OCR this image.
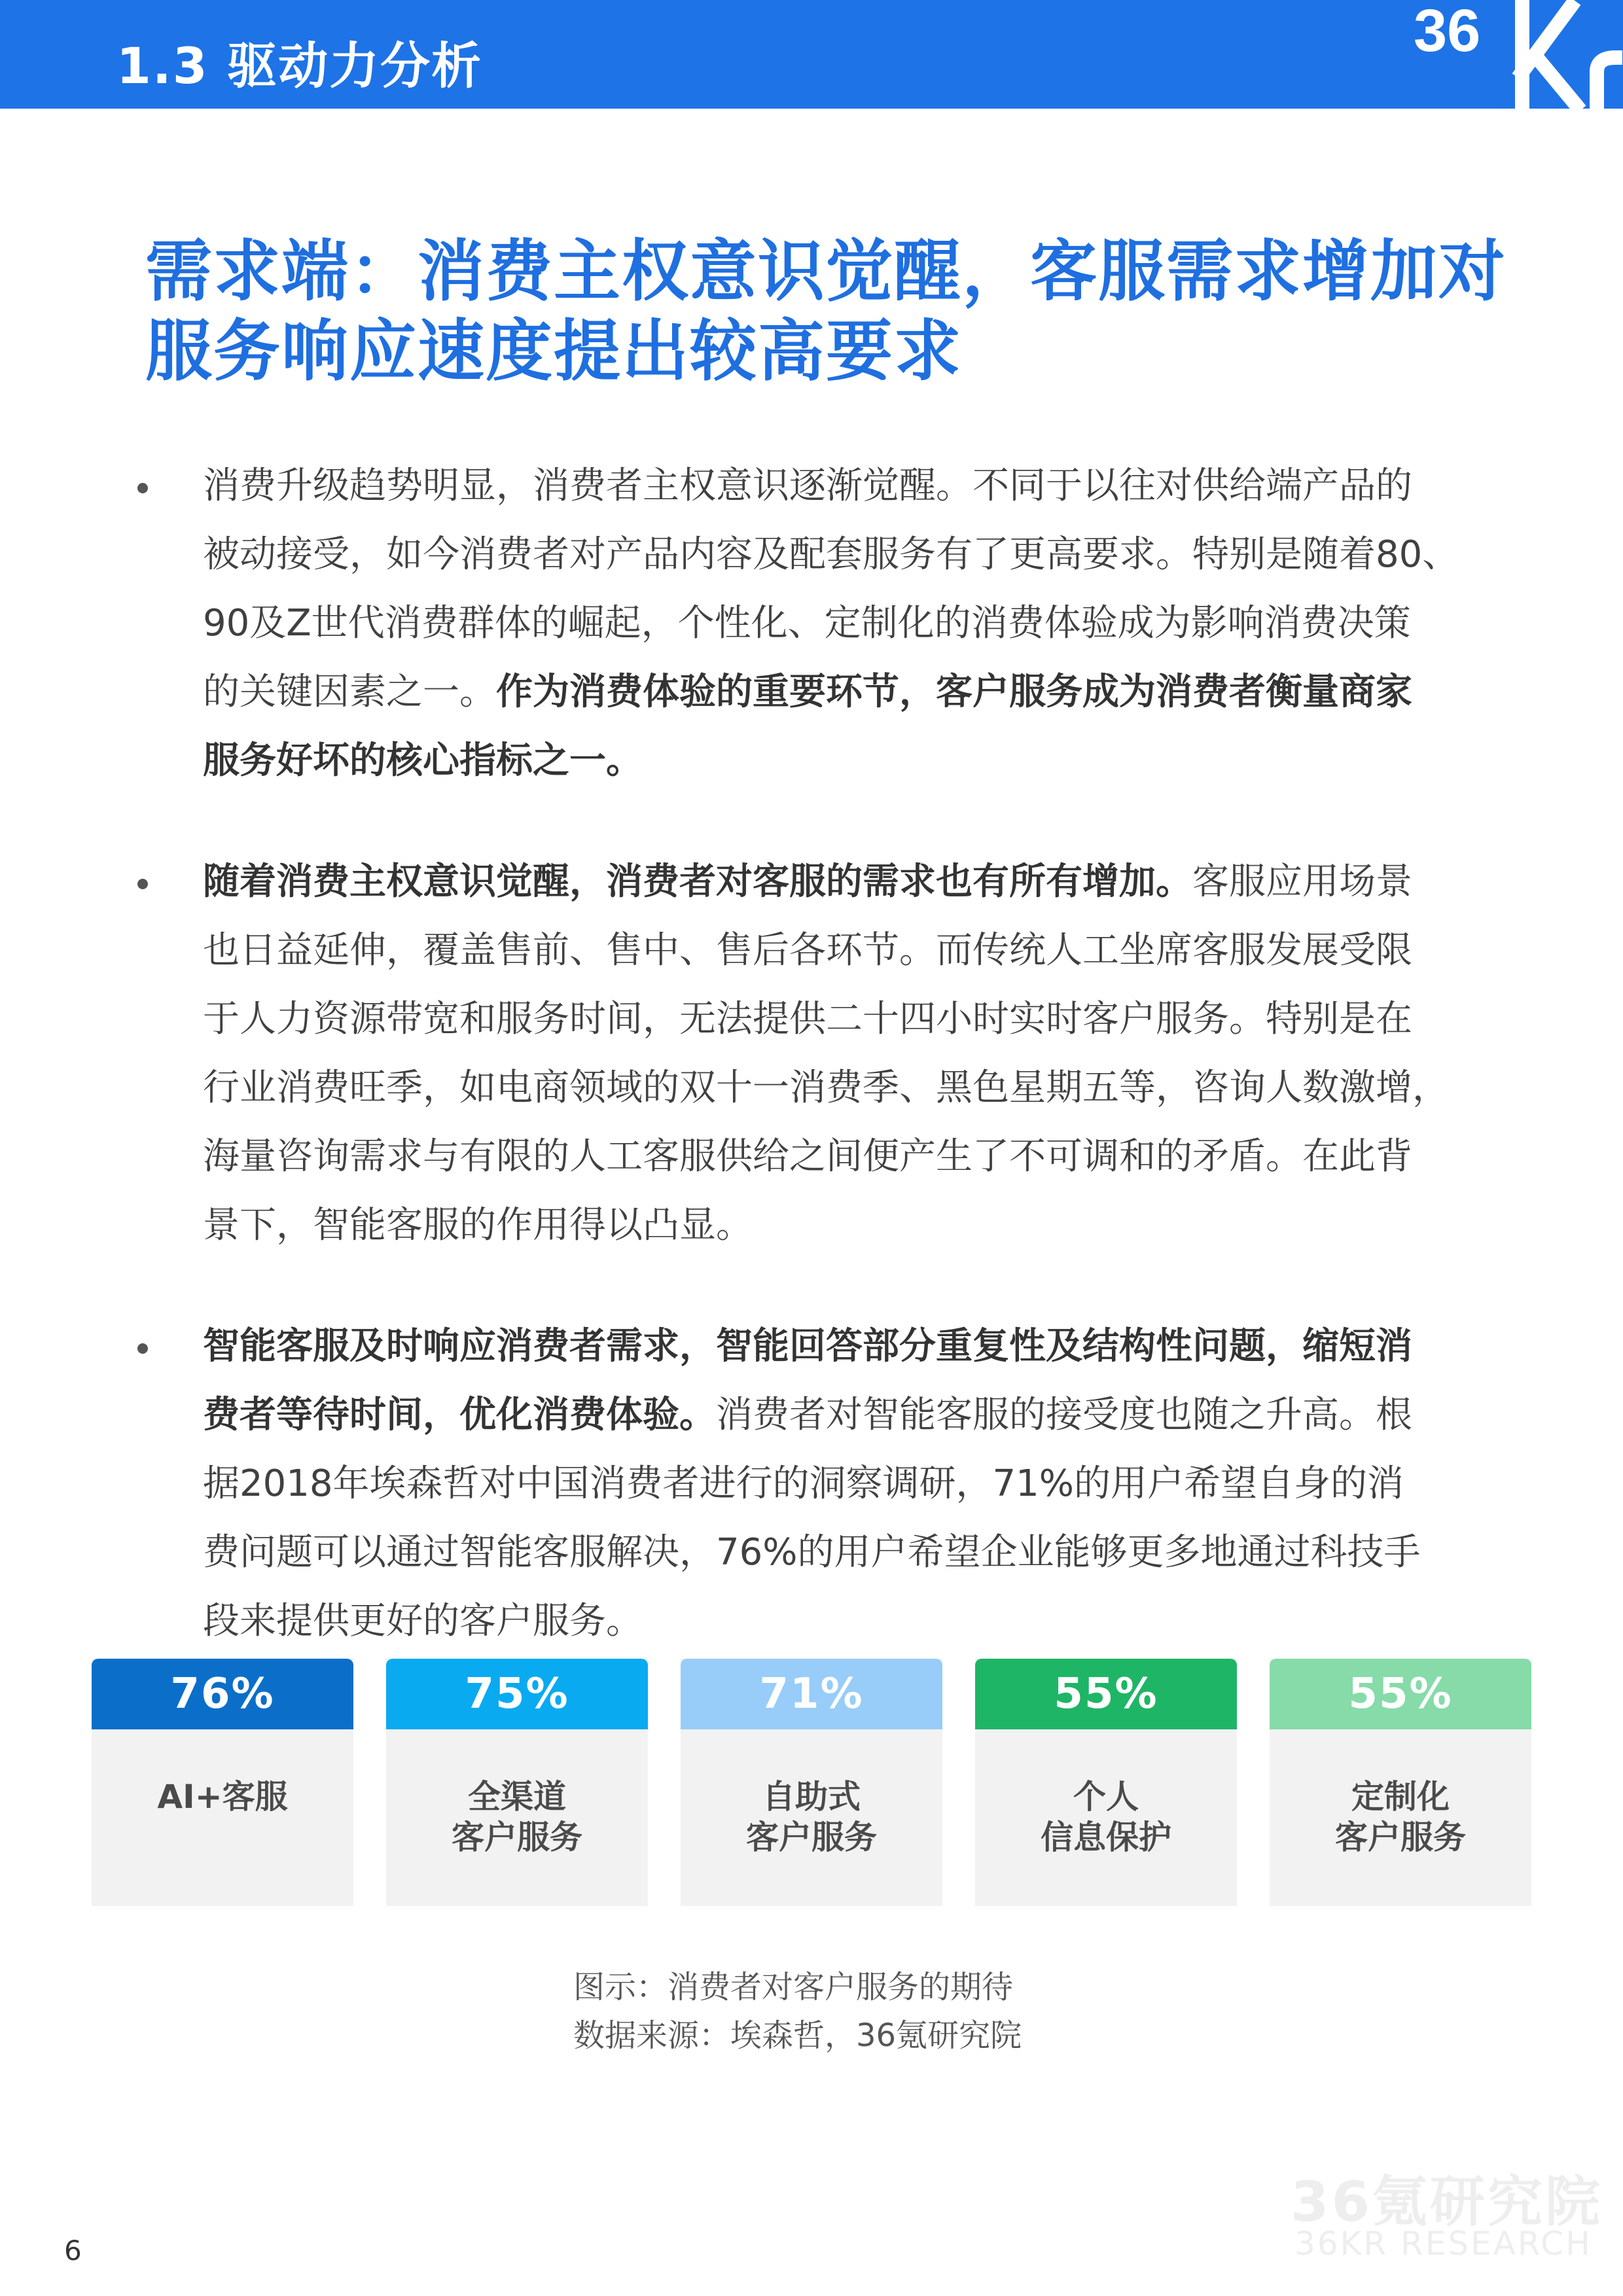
1.3 驱动力分析
36
需求端：消费主权意识觉醒，客服需求增加对
服务响应速度提出较高要求
消费升级趋势明显，消费者主权意识逐渐觉醒。不同于以往对供给端产品的
被动接受，如今消费者对产品内容及配套服务有了更高要求。特别是随着80、
90及Z世代消费群体的崛起，个性化、定制化的消费体验成为影响消费决策
的关键因素之一。作为消费体验的重要环节，客户服务成为消费者衡量商家
服务好坏的核心指标之一。
随着消费主权意识觉醒，消费者对客服的需求也有所有增加。客服应用场景
也日益延伸，覆盖售前、售中、售后各环节。而传统人工坐席客服发展受限
于人力资源带宽和服务时间，无法提供二十四小时实时客户服务。特别是在
行业消费旺季，如电商领域的双十一消费季、黑色星期五等，咨询人数激增，
海量咨询需求与有限的人工客服供给之间便产生了不可调和的矛盾。在此背
景下，智能客服的作用得以凸显。
智能客服及时响应消费者需求，智能回答部分重复性及结构性问题，缩短消
费者等待时间，优化消费体验。消费者对智能客服的接受度也随之升高。根
据2018年埃森哲对中国消费者进行的洞察调研，71%的用户希望自身的消
费问题可以通过智能客服解决，76%的用户希望企业能够更多地通过科技手
段来提供更好的客户服务。
76%
AI+客服
75%
全渠道
客户服务
71%
自助式
客户服务
55%
个人
信息保护
55%
定制化
客户服务
图示：消费者对客户服务的期待
数据来源：埃森哲，36氪研究院
36氪研究院
36KR RESEARCH
6
